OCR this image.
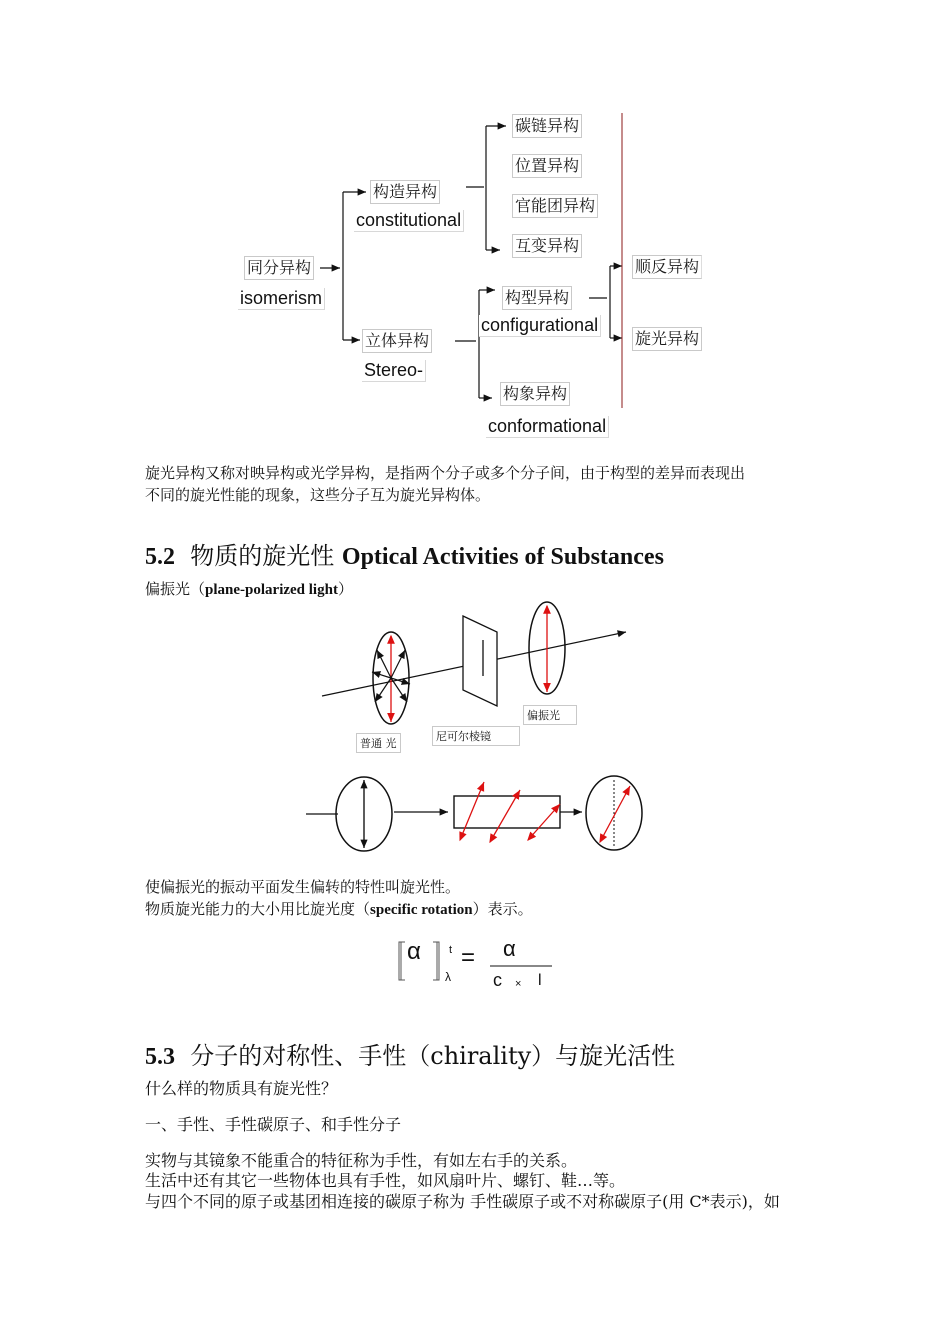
同分异构
isomerism
构造异构
constitutional
立体异构
Stereo-
碳链异构
位置异构
官能团异构
互变异构
构型异构
configurational
构象异构
conformational
顺反异构
旋光异构
旋光异构又称对映异构或光学异构，是指两个分子或多个分子间，由于构型的差异而表现出
不同的旋光性能的现象，这些分子互为旋光异构体。
5.2 物质的旋光性 Optical Activities of Substances
偏振光（plane-polarized light）
普通 光
尼可尔棱镜
偏振光
使偏振光的振动平面发生偏转的特性叫旋光性。
物质旋光能力的大小用比旋光度（specific rotation）表示。
α	t
λ
= α
c × l
5.3 分子的对称性、手性（chirality）与旋光活性
什么样的物质具有旋光性？
一、手性、手性碳原子、和手性分子
实物与其镜象不能重合的特征称为手性，有如左右手的关系。
生活中还有其它一些物体也具有手性，如风扇叶片、螺钉、鞋…等。
与四个不同的原子或基团相连接的碳原子称为 手性碳原子或不对称碳原子(用 C*表示)，如
